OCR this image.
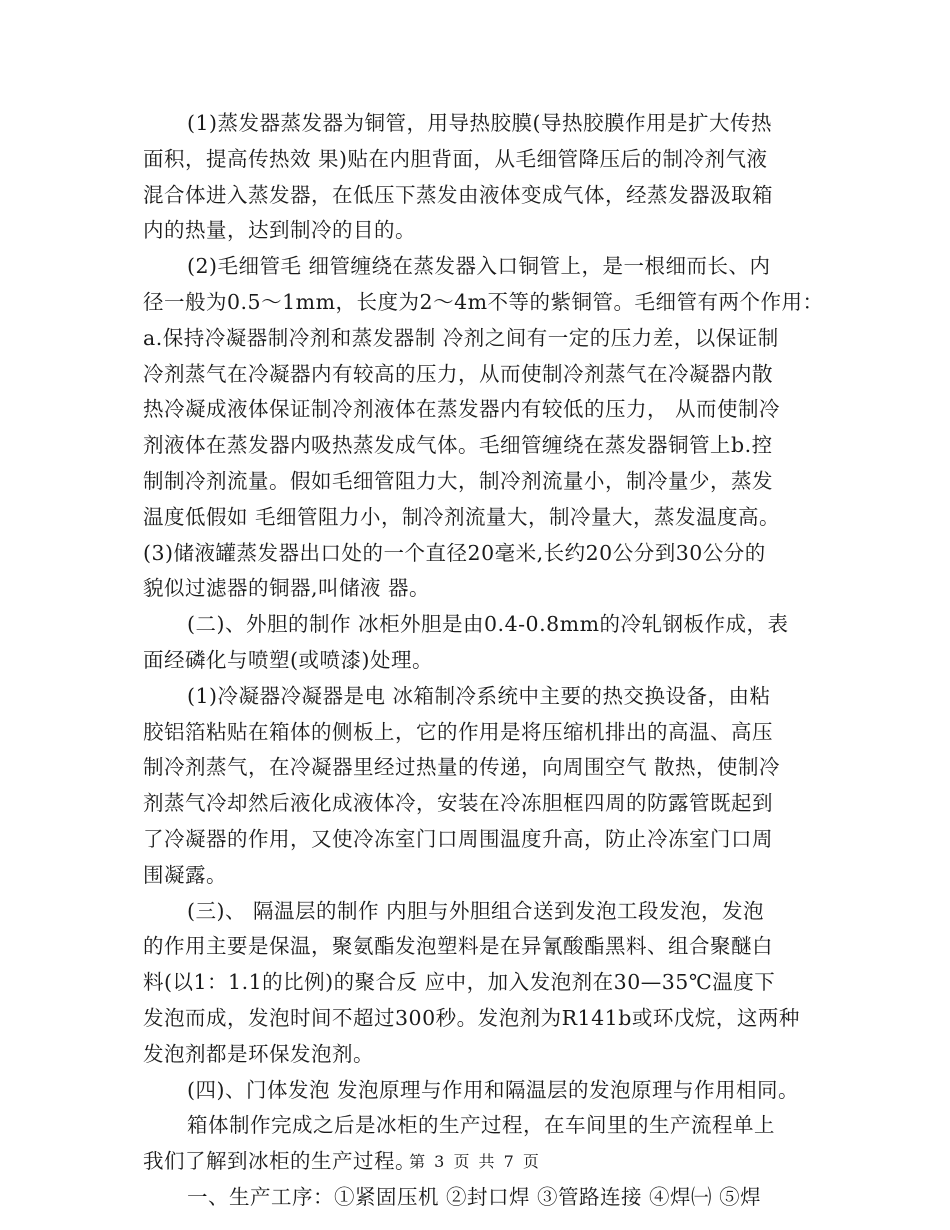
(1)蒸发器蒸发器为铜管，用导热胶膜(导热胶膜作用是扩大传热
面积，提高传热效 果)贴在内胆背面，从毛细管降压后的制冷剂气液
混合体进入蒸发器，在低压下蒸发由液体变成气体，经蒸发器汲取箱
内的热量，达到制冷的目的。
(2)毛细管毛 细管缠绕在蒸发器入口铜管上，是一根细而长、内
径一般为0.5～1mm，长度为2～4m不等的紫铜管。毛细管有两个作用：
a.保持冷凝器制冷剂和蒸发器制 冷剂之间有一定的压力差，以保证制
冷剂蒸气在冷凝器内有较高的压力，从而使制冷剂蒸气在冷凝器内散
热冷凝成液体保证制冷剂液体在蒸发器内有较低的压力， 从而使制冷
剂液体在蒸发器内吸热蒸发成气体。毛细管缠绕在蒸发器铜管上b.控
制制冷剂流量。假如毛细管阻力大，制冷剂流量小，制冷量少，蒸发
温度低假如 毛细管阻力小，制冷剂流量大，制冷量大，蒸发温度高。
(3)储液罐蒸发器出口处的一个直径20毫米,长约20公分到30公分的
貌似过滤器的铜器,叫储液 器。
(二)、外胆的制作 冰柜外胆是由0.4-0.8mm的冷轧钢板作成，表
面经磷化与喷塑(或喷漆)处理。
(1)冷凝器冷凝器是电 冰箱制冷系统中主要的热交换设备，由粘
胶铝箔粘贴在箱体的侧板上，它的作用是将压缩机排出的高温、高压
制冷剂蒸气，在冷凝器里经过热量的传递，向周围空气 散热，使制冷
剂蒸气冷却然后液化成液体冷，安装在冷冻胆框四周的防露管既起到
了冷凝器的作用，又使冷冻室门口周围温度升高，防止冷冻室门口周
围凝露。
(三)、 隔温层的制作 内胆与外胆组合送到发泡工段发泡，发泡
的作用主要是保温，聚氨酯发泡塑料是在异氰酸酯黑料、组合聚醚白
料(以1：1.1的比例)的聚合反 应中，加入发泡剂在30—35℃温度下
发泡而成，发泡时间不超过300秒。发泡剂为R141b或环戊烷，这两种
发泡剂都是环保发泡剂。
(四)、门体发泡 发泡原理与作用和隔温层的发泡原理与作用相同。
箱体制作完成之后是冰柜的生产过程，在车间里的生产流程单上
我们了解到冰柜的生产过程。
一、生产工序：①紧固压机 ②封口焊 ③管路连接 ④焊㈠ ⑤焊
第 3 页 共 7 页
